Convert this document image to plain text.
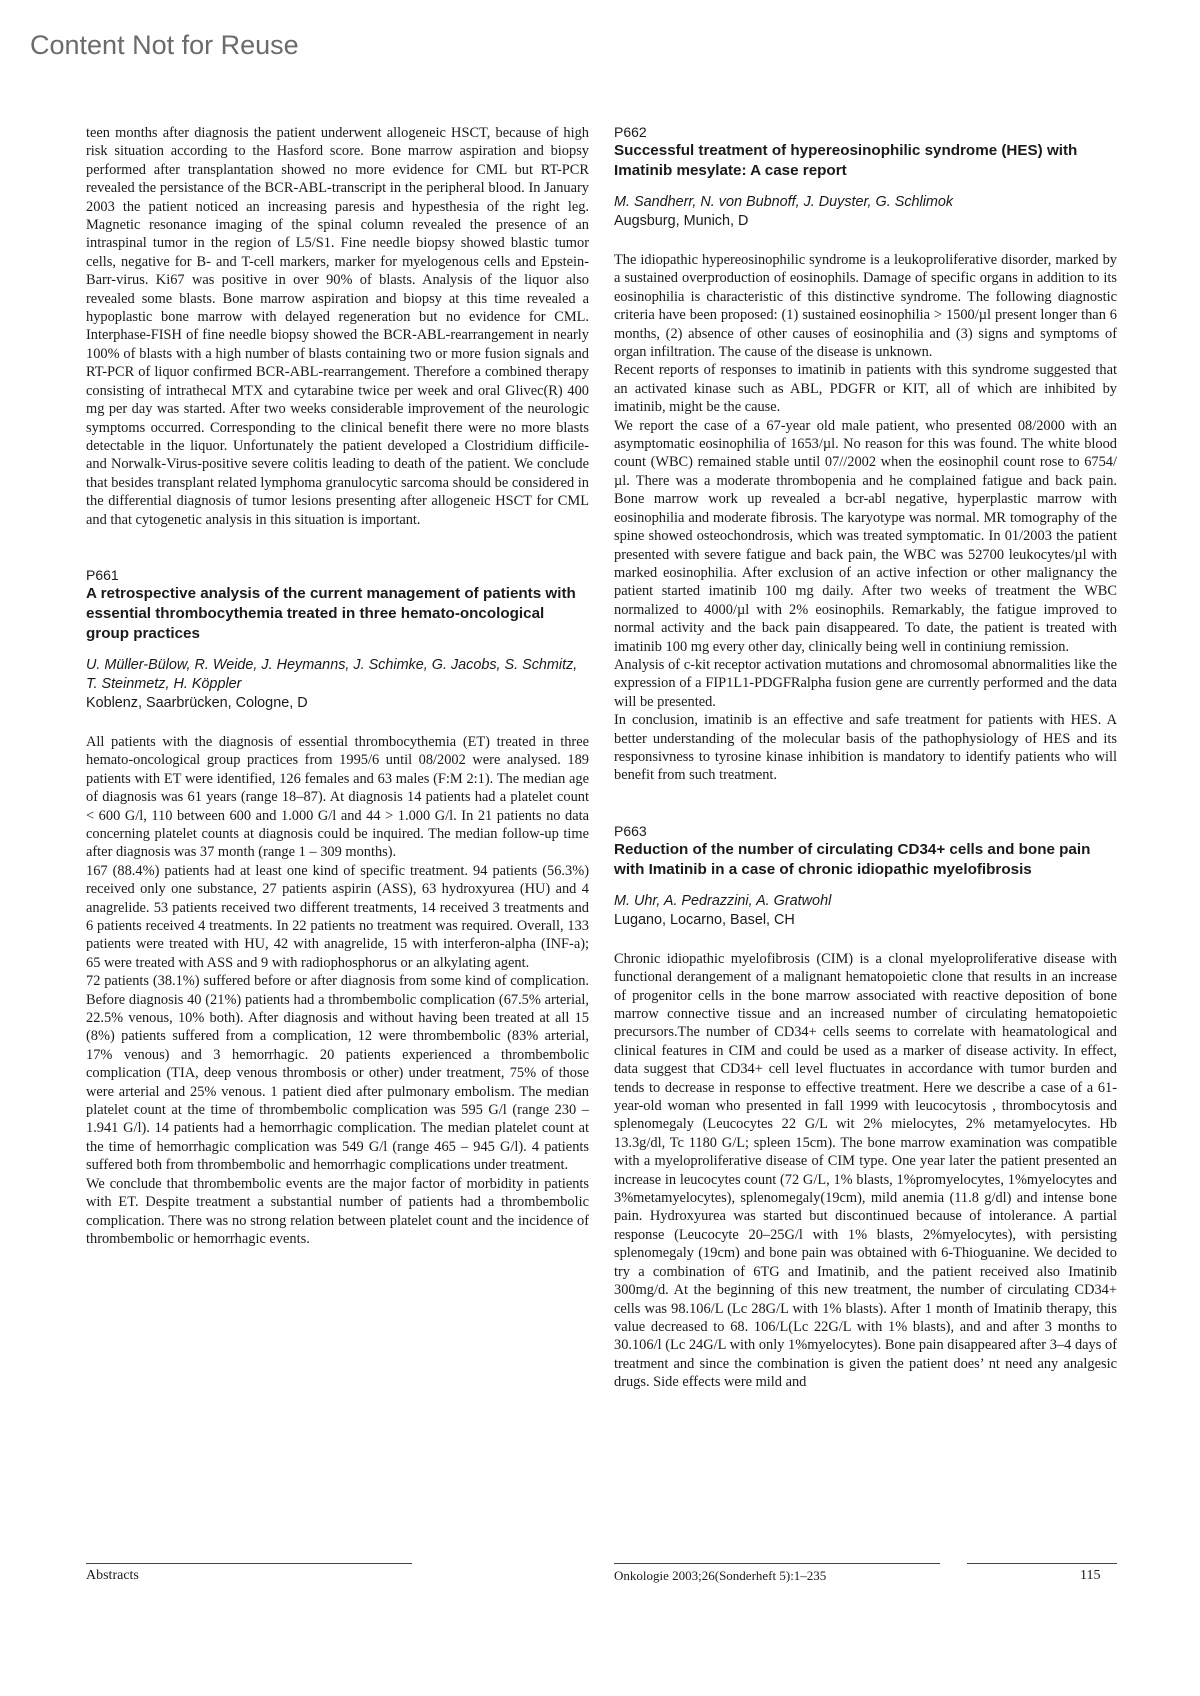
Content Not for Reuse

teen months after diagnosis the patient underwent allogeneic HSCT, because of high risk situation according to the Hasford score. Bone marrow aspiration and biopsy performed after transplantation showed no more evidence for CML but RT-PCR revealed the persistance of the BCR-ABL-transcript in the peripheral blood. In January 2003 the patient noticed an increasing paresis and hypesthesia of the right leg. Magnetic resonance imaging of the spinal column revealed the presence of an intraspinal tumor in the region of L5/S1. Fine needle biopsy showed blastic tumor cells, negative for B- and T-cell markers, marker for myelogenous cells and Epstein-Barr-virus. Ki67 was positive in over 90% of blasts. Analysis of the liquor also revealed some blasts. Bone marrow aspiration and biopsy at this time revealed a hypoplastic bone marrow with delayed regeneration but no evidence for CML. Interphase-FISH of fine needle biopsy showed the BCR-ABL-rearrangement in nearly 100% of blasts with a high number of blasts containing two or more fusion signals and RT-PCR of liquor confirmed BCR-ABL-rearrangement. Therefore a combined therapy consisting of intrathecal MTX and cytarabine twice per week and oral Glivec(R) 400 mg per day was started. After two weeks considerable improvement of the neurologic symptoms occurred. Corresponding to the clinical benefit there were no more blasts detectable in the liquor. Unfortunately the patient developed a Clostridium difficile- and Norwalk-Virus-positive severe colitis leading to death of the patient. We conclude that besides transplant related lymphoma granulocytic sarcoma should be considered in the differential diagnosis of tumor lesions presenting after allogeneic HSCT for CML and that cytogenetic analysis in this situation is important.

P661

A retrospective analysis of the current management of patients with essential thrombocythemia treated in three hemato-oncological group practices

U. Müller-Bülow, R. Weide, J. Heymanns, J. Schimke, G. Jacobs, S. Schmitz, T. Steinmetz, H. Köppler

Koblenz, Saarbrücken, Cologne, D

All patients with the diagnosis of essential thrombocythemia (ET) treated in three hemato-oncological group practices from 1995/6 until 08/2002 were analysed. 189 patients with ET were identified, 126 females and 63 males (F:M 2:1). The median age of diagnosis was 61 years (range 18–87). At diagnosis 14 patients had a platelet count < 600 G/l, 110 between 600 and 1.000 G/l and 44 > 1.000 G/l. In 21 patients no data concerning platelet counts at diagnosis could be inquired. The median follow-up time after diagnosis was 37 month (range 1 – 309 months).

167 (88.4%) patients had at least one kind of specific treatment. 94 patients (56.3%) received only one substance, 27 patients aspirin (ASS), 63 hydroxyurea (HU) and 4 anagrelide. 53 patients received two different treatments, 14 received 3 treatments and 6 patients received 4 treatments. In 22 patients no treatment was required. Overall, 133 patients were treated with HU, 42 with anagrelide, 15 with interferon-alpha (INF-a); 65 were treated with ASS and 9 with radiophosphorus or an alkylating agent.

72 patients (38.1%) suffered before or after diagnosis from some kind of complication. Before diagnosis 40 (21%) patients had a thrombembolic complication (67.5% arterial, 22.5% venous, 10% both). After diagnosis and without having been treated at all 15 (8%) patients suffered from a complication, 12 were thrombembolic (83% arterial, 17% venous) and 3 hemorrhagic. 20 patients experienced a thrombembolic complication (TIA, deep venous thrombosis or other) under treatment, 75% of those were arterial and 25% venous. 1 patient died after pulmonary embolism. The median platelet count at the time of thrombembolic complication was 595 G/l (range 230 – 1.941 G/l). 14 patients had a hemorrhagic complication. The median platelet count at the time of hemorrhagic complication was 549 G/l (range 465 – 945 G/l). 4 patients suffered both from thrombembolic and hemorrhagic complications under treatment.

We conclude that thrombembolic events are the major factor of morbidity in patients with ET. Despite treatment a substantial number of patients had a thrombembolic complication. There was no strong relation between platelet count and the incidence of thrombembolic or hemorrhagic events.

P662

Successful treatment of hypereosinophilic syndrome (HES) with Imatinib mesylate: A case report

M. Sandherr, N. von Bubnoff, J. Duyster, G. Schlimok

Augsburg, Munich, D

The idiopathic hypereosinophilic syndrome is a leukoproliferative disorder, marked by a sustained overproduction of eosinophils. Damage of specific organs in addition to its eosinophilia is characteristic of this distinctive syndrome. The following diagnostic criteria have been proposed: (1) sustained eosinophilia > 1500/µl present longer than 6 months, (2) absence of other causes of eosinophilia and (3) signs and symptoms of organ infiltration. The cause of the disease is unknown.

Recent reports of responses to imatinib in patients with this syndrome suggested that an activated kinase such as ABL, PDGFR or KIT, all of which are inhibited by imatinib, might be the cause.

We report the case of a 67-year old male patient, who presented 08/2000 with an asymptomatic eosinophilia of 1653/µl. No reason for this was found. The white blood count (WBC) remained stable until 07//2002 when the eosinophil count rose to 6754/µl. There was a moderate thrombopenia and he complained fatigue and back pain. Bone marrow work up revealed a bcr-abl negative, hyperplastic marrow with eosinophilia and moderate fibrosis. The karyotype was normal. MR tomography of the spine showed osteochondrosis, which was treated symptomatic. In 01/2003 the patient presented with severe fatigue and back pain, the WBC was 52700 leukocytes/µl with marked eosinophilia. After exclusion of an active infection or other malignancy the patient started imatinib 100 mg daily. After two weeks of treatment the WBC normalized to 4000/µl with 2% eosinophils. Remarkably, the fatigue improved to normal activity and the back pain disappeared. To date, the patient is treated with imatinib 100 mg every other day, clinically being well in continiung remission.

Analysis of c-kit receptor activation mutations and chromosomal abnormalities like the expression of a FIP1L1-PDGFRalpha fusion gene are currently performed and the data will be presented.

In conclusion, imatinib is an effective and safe treatment for patients with HES. A better understanding of the molecular basis of the pathophysiology of HES and its responsivness to tyrosine kinase inhibition is mandatory to identify patients who will benefit from such treatment.

P663

Reduction of the number of circulating CD34+ cells and bone pain with Imatinib in a case of chronic idiopathic myelofibrosis

M. Uhr, A. Pedrazzini, A. Gratwohl

Lugano, Locarno, Basel, CH

Chronic idiopathic myelofibrosis (CIM) is a clonal myeloproliferative disease with functional derangement of a malignant hematopoietic clone that results in an increase of progenitor cells in the bone marrow associated with reactive deposition of bone marrow connective tissue and an increased number of circulating hematopoietic precursors.The number of CD34+ cells seems to correlate with heamatological and clinical features in CIM and could be used as a marker of disease activity. In effect, data suggest that CD34+ cell level fluctuates in accordance with tumor burden and tends to decrease in response to effective treatment. Here we describe a case of a 61-year-old woman who presented in fall 1999 with leucocytosis , thrombocytosis and splenomegaly (Leucocytes 22 G/L wit 2% mielocytes, 2% metamyelocytes. Hb 13.3g/dl, Tc 1180 G/L; spleen 15cm). The bone marrow examination was compatible with a myeloproliferative disease of CIM type. One year later the patient presented an increase in leucocytes count (72 G/L, 1% blasts, 1%promyelocytes, 1%myelocytes and 3%metamyelocytes), splenomegaly(19cm), mild anemia (11.8 g/dl) and intense bone pain. Hydroxyurea was started but discontinued because of intolerance. A partial response (Leucocyte 20–25G/l with 1% blasts, 2%myelocytes), with persisting splenomegaly (19cm) and bone pain was obtained with 6-Thioguanine. We decided to try a combination of 6TG and Imatinib, and the patient received also Imatinib 300mg/d. At the beginning of this new treatment, the number of circulating CD34+ cells was 98.106/L (Lc 28G/L with 1% blasts). After 1 month of Imatinib therapy, this value decreased to 68. 106/L(Lc 22G/L with 1% blasts), and and after 3 months to 30.106/l (Lc 24G/L with only 1%myelocytes). Bone pain disappeared after 3–4 days of treatment and since the combination is given the patient does’ nt need any analgesic drugs. Side effects were mild and

Abstracts	Onkologie 2003;26(Sonderheft 5):1–235	115
